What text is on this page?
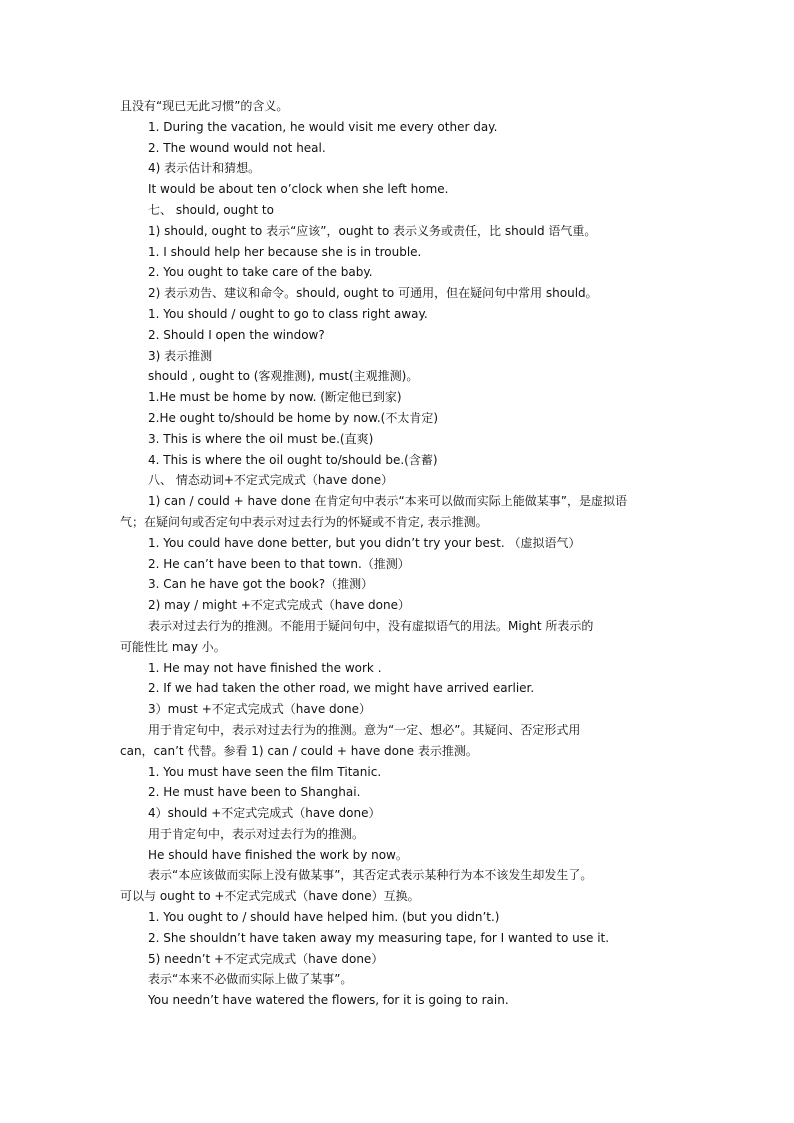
且没有“现已无此习惯”的含义。
1. During the vacation, he would visit me every other day.
2. The wound would not heal.
4) 表示估计和猜想。
It would be about ten o’clock when she left home.
七、 should, ought to
1) should, ought to 表示“应该”，ought to 表示义务或责任，比 should 语气重。
1. I should help her because she is in trouble.
2. You ought to take care of the baby.
2) 表示劝告、建议和命令。should, ought to 可通用，但在疑问句中常用 should。
1. You should / ought to go to class right away.
2. Should I open the window?
3) 表示推测
should , ought to (客观推测), must(主观推测)。
1.He must be home by now. (断定他已到家)
2.He ought to/should be home by now.(不太肯定)
3. This is where the oil must be.(直爽)
4. This is where the oil ought to/should be.(含蓄)
八、 情态动词+不定式完成式（have done）
1) can / could + have done 在肯定句中表示“本来可以做而实际上能做某事”，是虚拟语
气；在疑问句或否定句中表示对过去行为的怀疑或不肯定, 表示推测。
1. You could have done better, but you didn’t try your best. （虚拟语气）
2. He can’t have been to that town.（推测）
3. Can he have got the book?（推测）
2) may / might +不定式完成式（have done）
表示对过去行为的推测。不能用于疑问句中，没有虚拟语气的用法。Might 所表示的
可能性比 may 小。
1. He may not have finished the work .
2. If we had taken the other road, we might have arrived earlier.
3）must +不定式完成式（have done）
用于肯定句中，表示对过去行为的推测。意为“一定、想必”。其疑问、否定形式用
can，can’t 代替。参看 1) can / could + have done 表示推测。
1. You must have seen the film Titanic.
2. He must have been to Shanghai.
4）should +不定式完成式（have done）
用于肯定句中，表示对过去行为的推测。
He should have finished the work by now。
表示“本应该做而实际上没有做某事”，其否定式表示某种行为本不该发生却发生了。
可以与 ought to +不定式完成式（have done）互换。
1. You ought to / should have helped him. (but you didn’t.)
2. She shouldn’t have taken away my measuring tape, for I wanted to use it.
5) needn’t +不定式完成式（have done）
表示“本来不必做而实际上做了某事”。
You needn’t have watered the flowers, for it is going to rain.
